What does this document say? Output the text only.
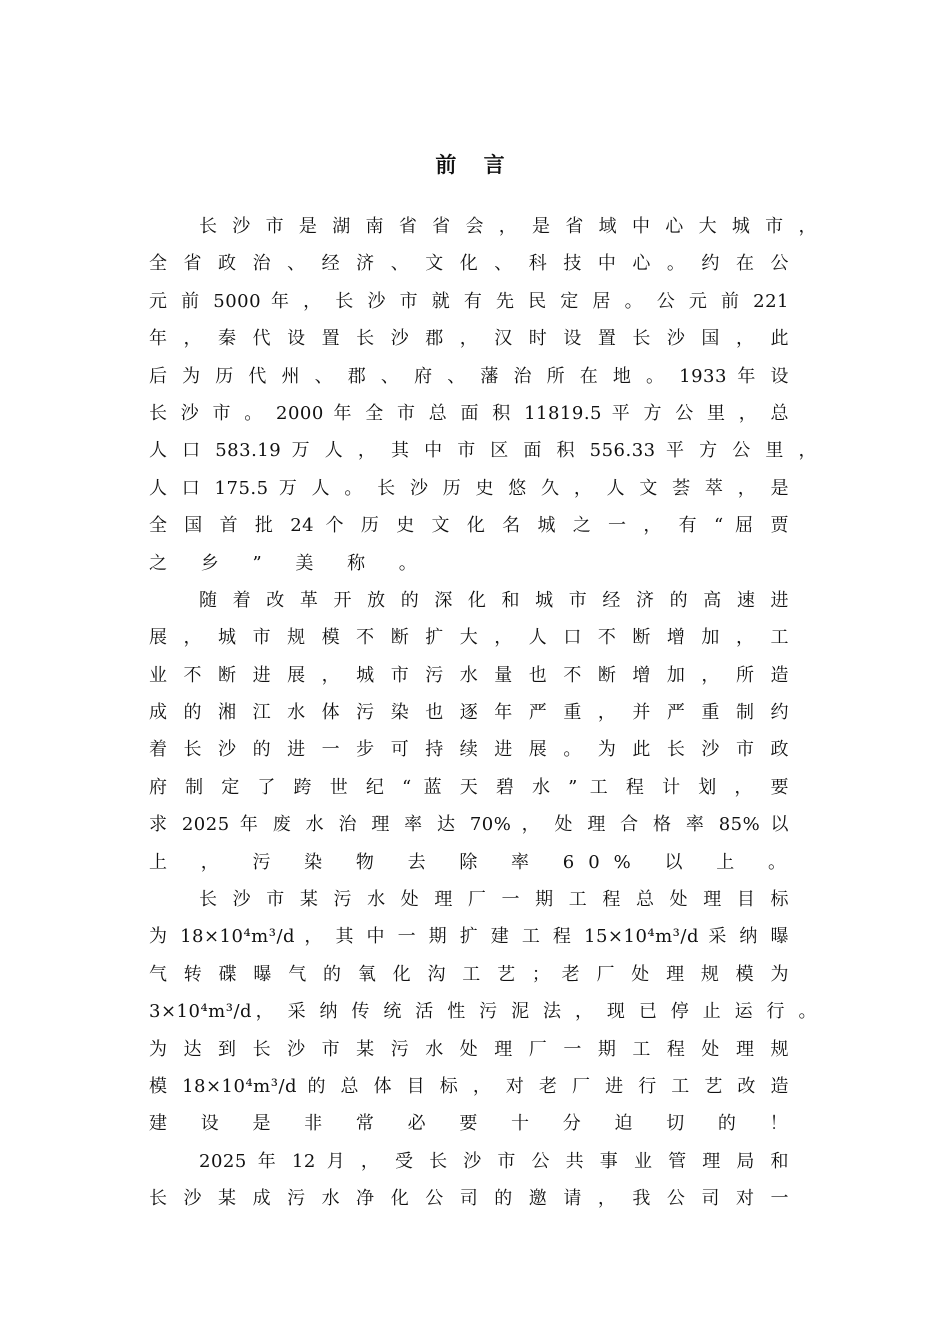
前 言
长 沙 市 是 湖 南 省 省 会 ， 是 省 域 中 心 大 城 市 ，
全 省 政 治 、 经 济 、 文 化 、 科 技 中 心 。 约 在 公
元 前 5000 年 ， 长 沙 市 就 有 先 民 定 居 。 公 元 前 221
年 ， 秦 代 设 置 长 沙 郡 ， 汉 时 设 置 长 沙 国 ， 此
后 为 历 代 州 、 郡 、 府 、 藩 治 所 在 地 。 1933 年 设
长 沙 市 。 2000 年 全 市 总 面 积 11819.5 平 方 公 里 ， 总
人 口 583.19 万 人 ， 其 中 市 区 面 积 556.33 平 方 公 里 ，
人 口 175.5 万 人 。 长 沙 历 史 悠 久 ， 人 文 荟 萃 ， 是
全 国 首 批 24 个 历 史 文 化 名 城 之 一 ， 有 “ 屈 贾
之 乡 ” 美 称 。
随 着 改 革 开 放 的 深 化 和 城 市 经 济 的 高 速 进
展 ， 城 市 规 模 不 断 扩 大 ， 人 口 不 断 增 加 ， 工
业 不 断 进 展 ， 城 市 污 水 量 也 不 断 增 加 ， 所 造
成 的 湘 江 水 体 污 染 也 逐 年 严 重 ， 并 严 重 制 约
着 长 沙 的 进 一 步 可 持 续 进 展 。 为 此 长 沙 市 政
府 制 定 了 跨 世 纪 “ 蓝 天 碧 水 ” 工 程 计 划 ， 要
求 2025 年 废 水 治 理 率 达 70% ， 处 理 合 格 率 85% 以
上 ， 污 染 物 去 除 率 60% 以 上 。
长 沙 市 某 污 水 处 理 厂 一 期 工 程 总 处 理 目 标
为 18×10⁴m³/d ， 其 中 一 期 扩 建 工 程 15×10⁴m³/d 采 纳 曝
气 转 碟 曝 气 的 氧 化 沟 工 艺 ； 老 厂 处 理 规 模 为
3×10⁴m³/d， 采 纳 传 统 活 性 污 泥 法 ， 现 已 停 止 运 行 。
为 达 到 长 沙 市 某 污 水 处 理 厂 一 期 工 程 处 理 规
模 18×10⁴m³/d 的 总 体 目 标 ， 对 老 厂 进 行 工 艺 改 造
建 设 是 非 常 必 要 十 分 迫 切 的 ！
2025 年 12 月 ， 受 长 沙 市 公 共 事 业 管 理 局 和
长 沙 某 成 污 水 净 化 公 司 的 邀 请 ， 我 公 司 对 一
